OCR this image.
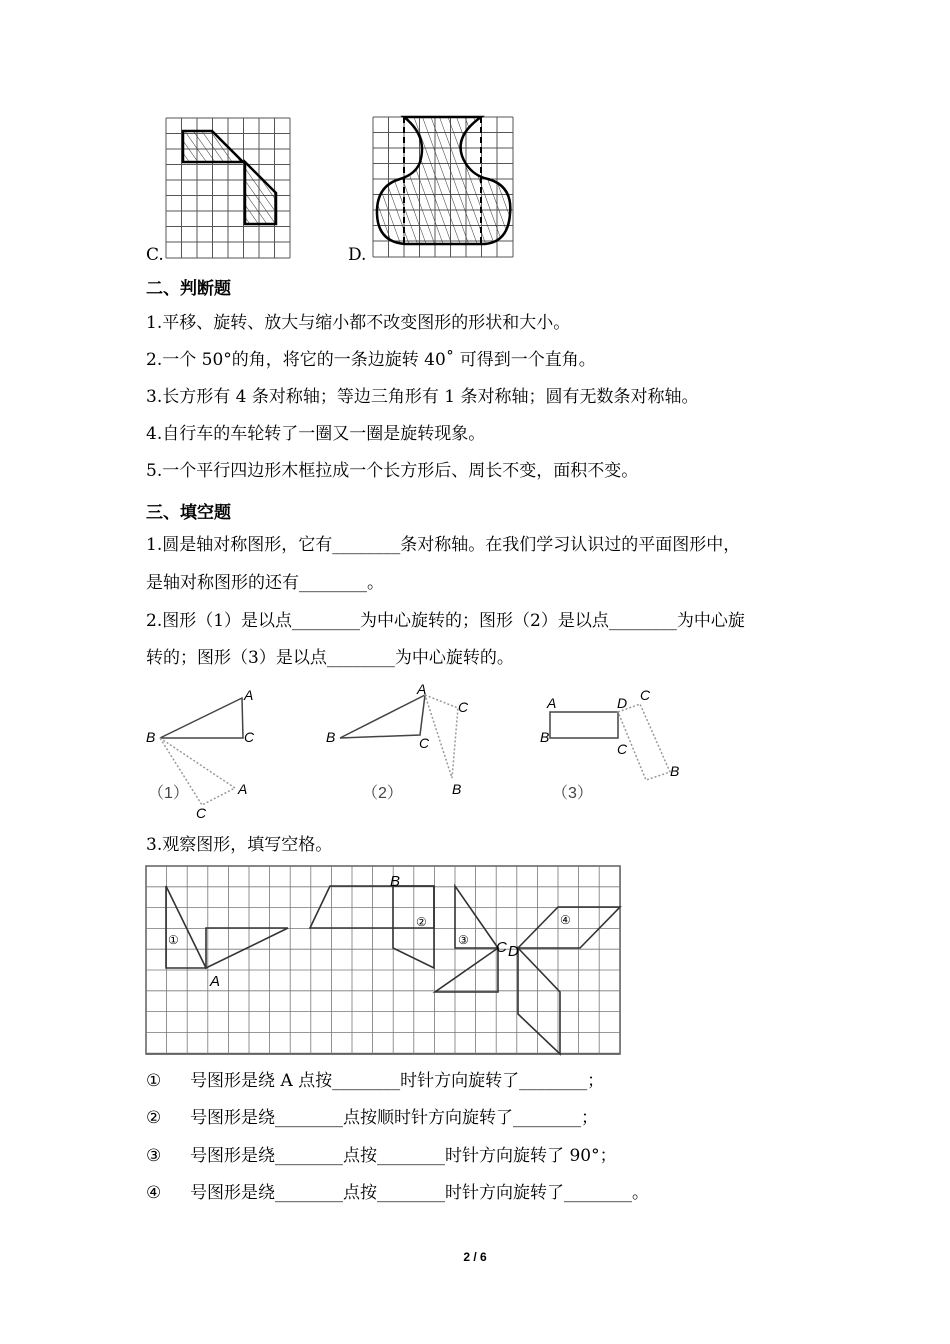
C.	D.
二、判断题
1.平移、旋转、放大与缩小都不改变图形的形状和大小。
2.一个 50°的角，将它的一条边旋转 40˚ 可得到一个直角。
3.长方形有 4 条对称轴；等边三角形有 1 条对称轴；圆有无数条对称轴。
4.自行车的车轮转了一圈又一圈是旋转现象。
5.一个平行四边形木框拉成一个长方形后、周长不变，面积不变。
三、填空题
1.圆是轴对称图形，它有________条对称轴。在我们学习认识过的平面图形中，
是轴对称图形的还有________。
2.图形（1）是以点________为中心旋转的；图形（2）是以点________为中心旋
转的；图形（3）是以点________为中心旋转的。
A
B	C
A
C
（1）
A
B	C
C
B
（2）
A	D C
B
C
B
（3）
3.观察图形，填写空格。
①
②
③
④
A
B
C D
① 号图形是绕 A 点按________时针方向旋转了________；
② 号图形是绕________点按顺时针方向旋转了________；
③ 号图形是绕________点按________时针方向旋转了 90°；
④ 号图形是绕________点按________时针方向旋转了________。
2 / 6
